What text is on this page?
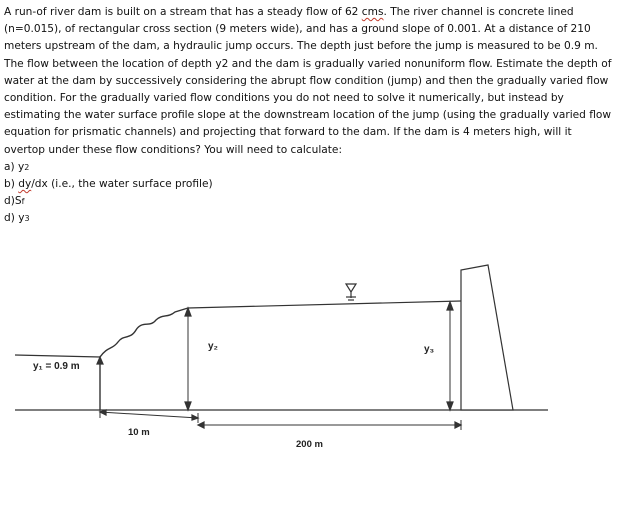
A run-of river dam is built on a stream that has a steady flow of 62 cms. The river channel is concrete lined (n=0.015), of rectangular cross section (9 meters wide), and has a ground slope of 0.001. At a distance of 210 meters upstream of the dam, a hydraulic jump occurs. The depth just before the jump is measured to be 0.9 m. The flow between the location of depth y2 and the dam is gradually varied nonuniform flow. Estimate the depth of water at the dam by successively considering the abrupt flow condition (jump) and then the gradually varied flow condition. For the gradually varied flow conditions you do not need to solve it numerically, but instead by estimating the water surface profile slope at the downstream location of the jump (using the gradually varied flow equation for prismatic channels) and projecting that forward to the dam. If the dam is 4 meters high, will it overtop under these flow conditions? You will need to calculate:

a) y2
b) dy/dx (i.e., the water surface profile)
d)Sf
d) y3
y₁ = 0.9 m
y₂	y₃
10 m
200 m
